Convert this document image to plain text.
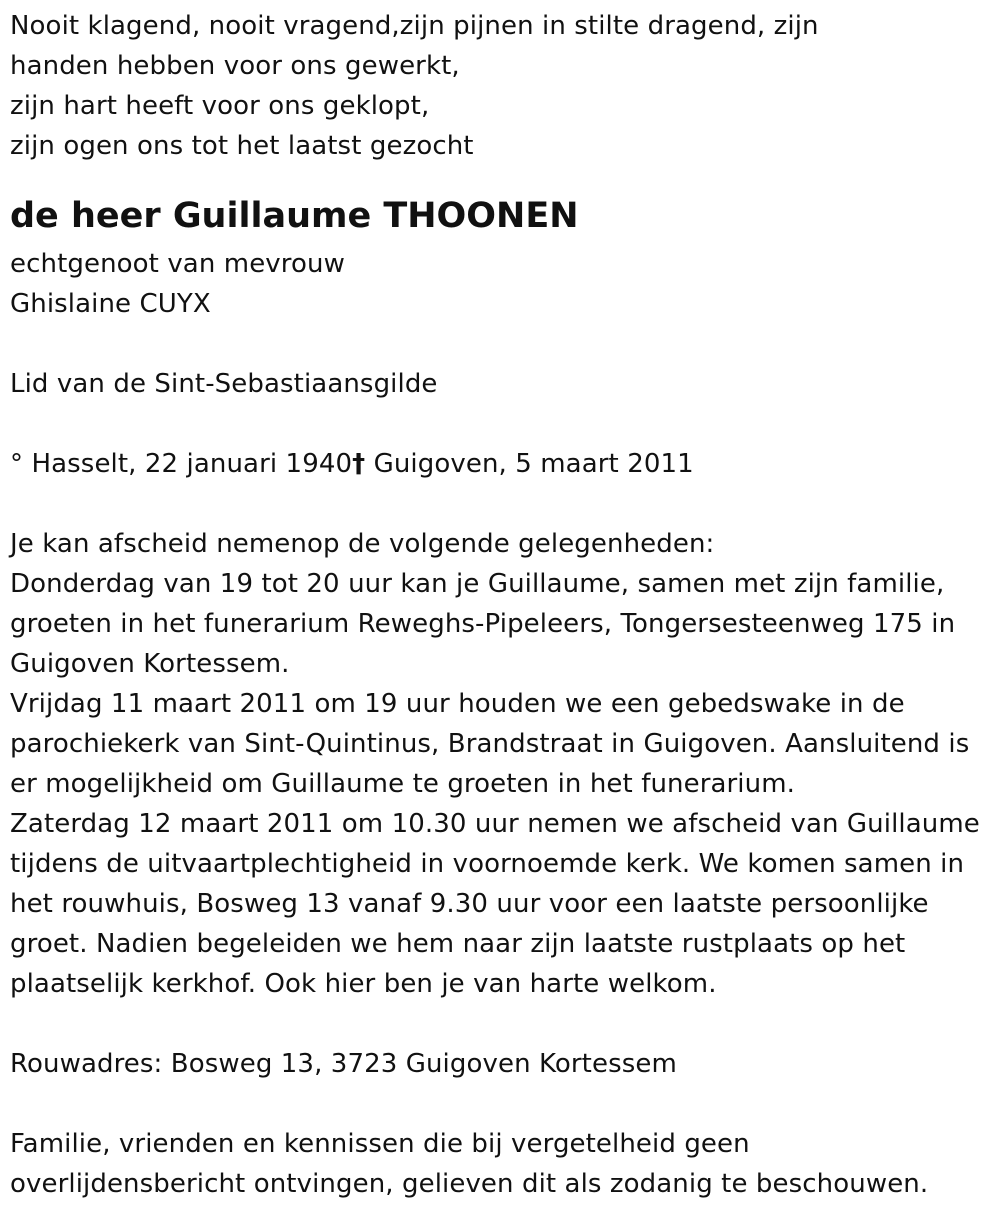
Nooit klagend, nooit vragend,zijn pijnen in stilte dragend, zijn
handen hebben voor ons gewerkt,
zijn hart heeft voor ons geklopt,
zijn ogen ons tot het laatst gezocht
de heer Guillaume THOONEN
echtgenoot van mevrouw
Ghislaine CUYX
Lid van de Sint-Sebastiaansgilde
° Hasselt, 22 januari 1940† Guigoven, 5 maart 2011
Je kan afscheid nemenop de volgende gelegenheden:
Donderdag van 19 tot 20 uur kan je Guillaume, samen met zijn familie,
groeten in het funerarium Reweghs-Pipeleers, Tongersesteenweg 175 in
Guigoven Kortessem.
Vrijdag 11 maart 2011 om 19 uur houden we een gebedswake in de
parochiekerk van Sint-Quintinus, Brandstraat in Guigoven. Aansluitend is
er mogelijkheid om Guillaume te groeten in het funerarium.
Zaterdag 12 maart 2011 om 10.30 uur nemen we afscheid van Guillaume
tijdens de uitvaartplechtigheid in voornoemde kerk. We komen samen in
het rouwhuis, Bosweg 13 vanaf 9.30 uur voor een laatste persoonlijke
groet. Nadien begeleiden we hem naar zijn laatste rustplaats op het
plaatselijk kerkhof. Ook hier ben je van harte welkom.
Rouwadres: Bosweg 13, 3723 Guigoven Kortessem
Familie, vrienden en kennissen die bij vergetelheid geen
overlijdensbericht ontvingen, gelieven dit als zodanig te beschouwen.
